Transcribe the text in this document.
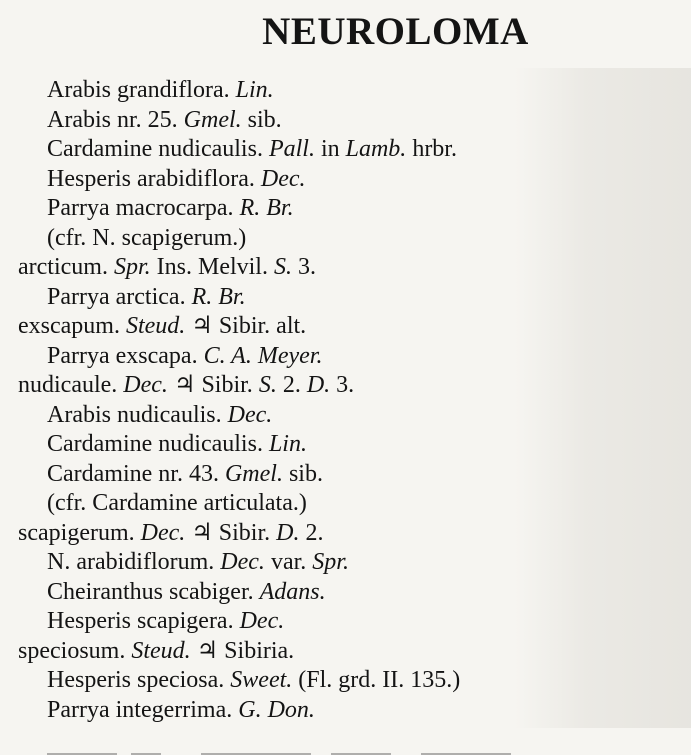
NEUROLOMA
Arabis grandiflora. Lin.
Arabis nr. 25. Gmel. sib.
Cardamine nudicaulis. Pall. in Lamb. hrbr.
Hesperis arabidiflora. Dec.
Parrya macrocarpa. R. Br.
(cfr. N. scapigerum.)
arcticum. Spr. Ins. Melvil. S. 3.
Parrya arctica. R. Br.
exscapum. Steud. ♃ Sibir. alt.
Parrya exscapa. C. A. Meyer.
nudicaule. Dec. ♃ Sibir. S. 2. D. 3.
Arabis nudicaulis. Dec.
Cardamine nudicaulis. Lin.
Cardamine nr. 43. Gmel. sib.
(cfr. Cardamine articulata.)
scapigerum. Dec. ♃ Sibir. D. 2.
N. arabidiflorum. Dec. var. Spr.
Cheiranthus scabiger. Adans.
Hesperis scapigera. Dec.
speciosum. Steud. ♃ Sibiria.
Hesperis speciosa. Sweet. (Fl. grd. II. 135.)
Parrya integerrima. G. Don.
